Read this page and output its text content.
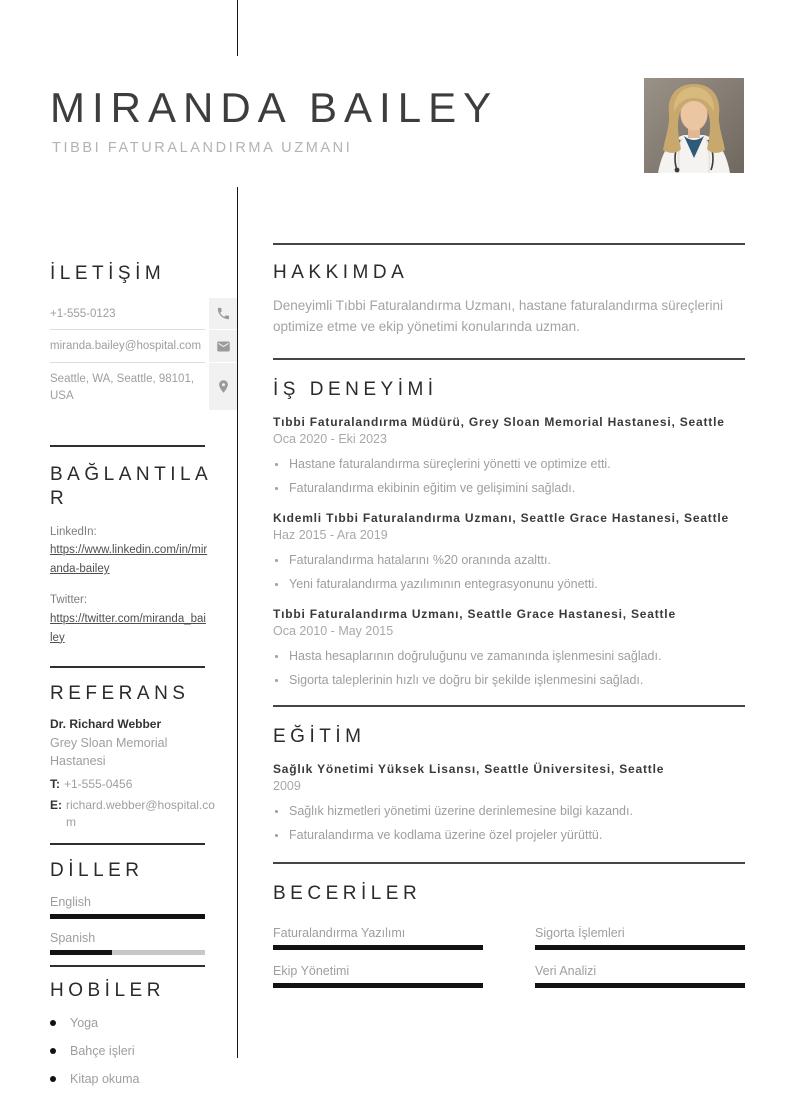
MIRANDA BAILEY
TIBBI FATURALANDIRMA UZMANI
İLETİŞİM
+1-555-0123
miranda.bailey@hospital.com
Seattle, WA, Seattle, 98101, USA
BAĞLANTILAR
LinkedIn:
https://www.linkedin.com/in/miranda-bailey
Twitter:
https://twitter.com/miranda_bailey
REFERANS
Dr. Richard Webber
Grey Sloan Memorial Hastanesi
T: +1-555-0456
E: richard.webber@hospital.com
DİLLER
English
Spanish
HOBİLER
Yoga
Bahçe işleri
Kitap okuma
HAKKIMDA
Deneyimli Tıbbi Faturalandırma Uzmanı, hastane faturalandırma süreçlerini optimize etme ve ekip yönetimi konularında uzman.
İŞ DENEYİMİ
Tıbbi Faturalandırma Müdürü, Grey Sloan Memorial Hastanesi, Seattle
Oca 2020 - Eki 2023
Hastane faturalandırma süreçlerini yönetti ve optimize etti.
Faturalandırma ekibinin eğitim ve gelişimini sağladı.
Kıdemli Tıbbi Faturalandırma Uzmanı, Seattle Grace Hastanesi, Seattle
Haz 2015 - Ara 2019
Faturalandırma hatalarını %20 oranında azalttı.
Yeni faturalandırma yazılımının entegrasyonunu yönetti.
Tıbbi Faturalandırma Uzmanı, Seattle Grace Hastanesi, Seattle
Oca 2010 - May 2015
Hasta hesaplarının doğruluğunu ve zamanında işlenmesini sağladı.
Sigorta taleplerinin hızlı ve doğru bir şekilde işlenmesini sağladı.
EĞİTİM
Sağlık Yönetimi Yüksek Lisansı, Seattle Üniversitesi, Seattle
2009
Sağlık hizmetleri yönetimi üzerine derinlemesine bilgi kazandı.
Faturalandırma ve kodlama üzerine özel projeler yürüttü.
BECERİLER
Faturalandırma Yazılımı	Sigorta İşlemleri
Ekip Yönetimi	Veri Analizi
